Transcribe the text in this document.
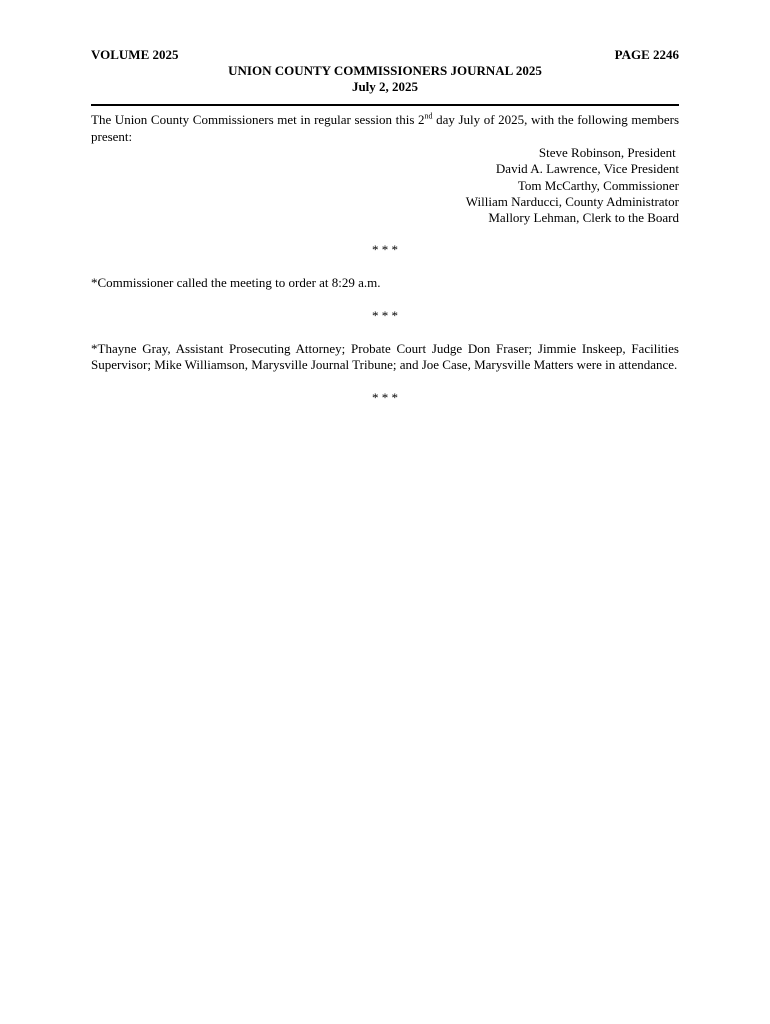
VOLUME 2025	PAGE 2246
UNION COUNTY COMMISSIONERS JOURNAL 2025
July 2, 2025

The Union County Commissioners met in regular session this 2nd day July of 2025, with the following members present:

Steve Robinson, President
David A. Lawrence, Vice President
Tom McCarthy, Commissioner
William Narducci, County Administrator
Mallory Lehman, Clerk to the Board
* * *

*Commissioner called the meeting to order at 8:29 a.m.

* * *

*Thayne Gray, Assistant Prosecuting Attorney; Probate Court Judge Don Fraser; Jimmie Inskeep, Facilities Supervisor; Mike Williamson, Marysville Journal Tribune; and Joe Case, Marysville Matters were in attendance.

* * *
